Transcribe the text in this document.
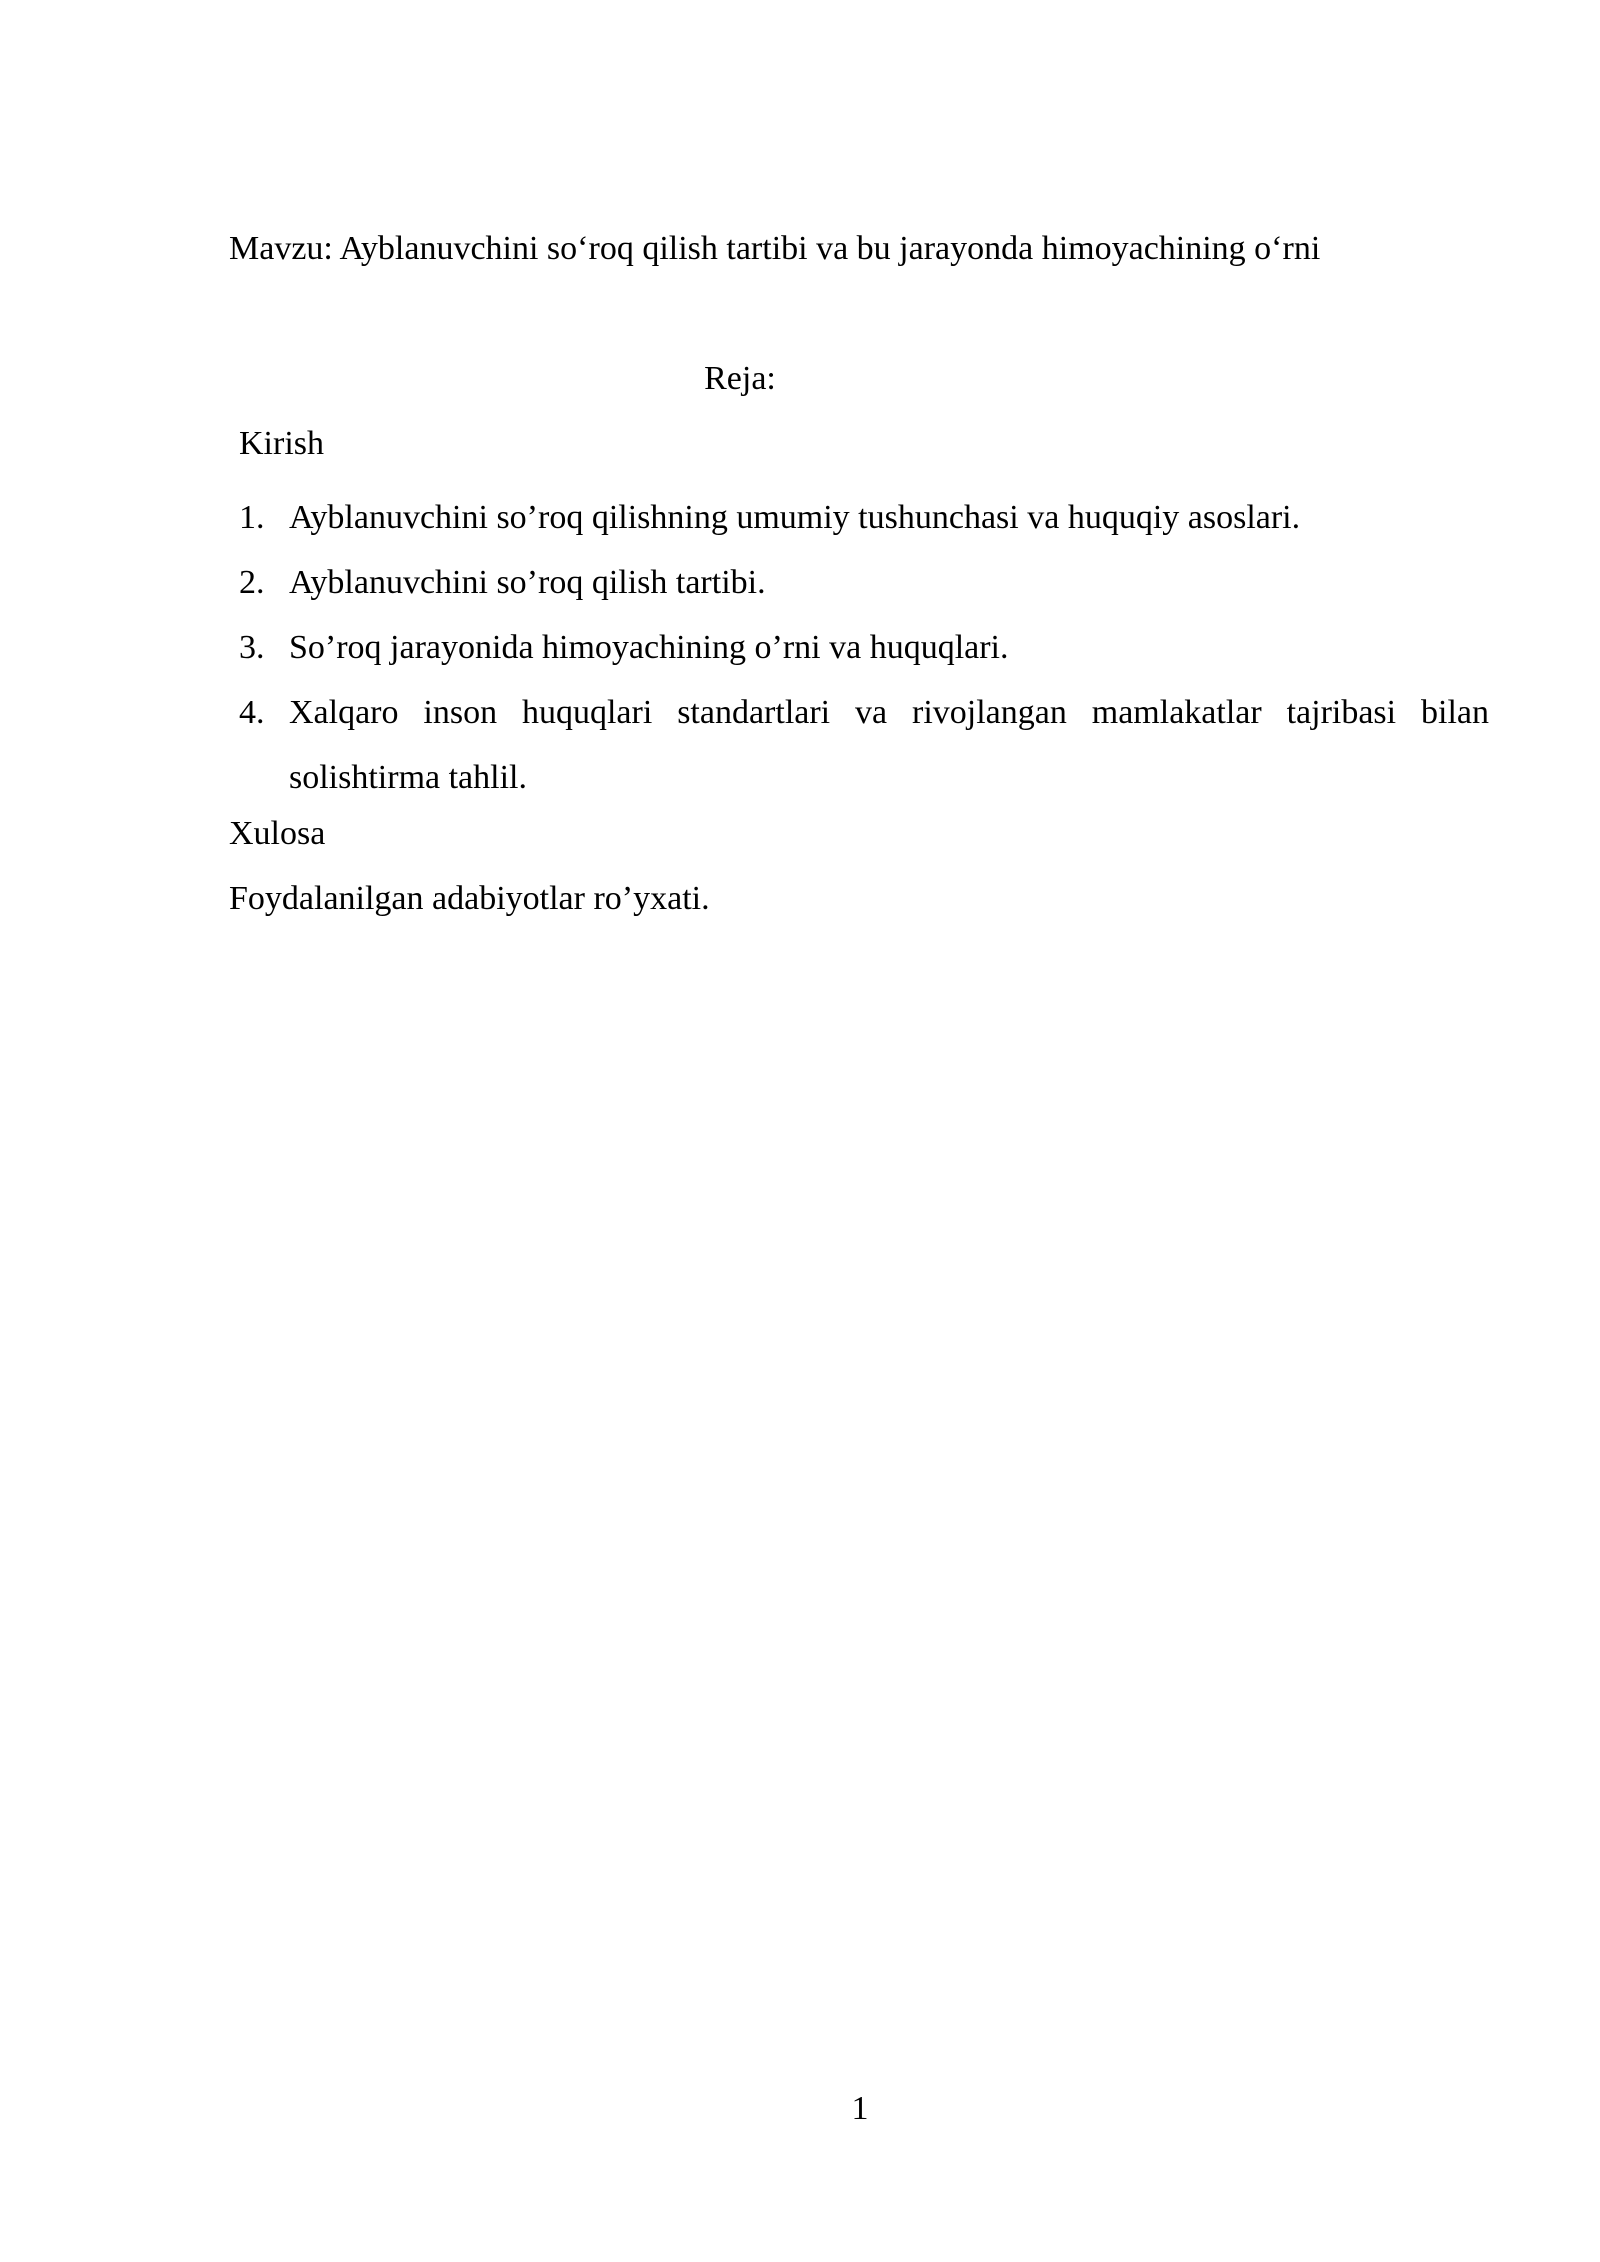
Mavzu: Ayblanuvchini so‘roq qilish tartibi va bu jarayonda himoyachining o‘rni
Reja:
Kirish
1. Ayblanuvchini so’roq qilishning umumiy tushunchasi va huquqiy asoslari.
2. Ayblanuvchini so’roq qilish tartibi.
3. So’roq jarayonida himoyachining o’rni va huquqlari.
4. Xalqaro inson huquqlari standartlari va rivojlangan mamlakatlar tajribasi bilan solishtirma tahlil.
Xulosa
Foydalanilgan adabiyotlar ro’yxati.
1
